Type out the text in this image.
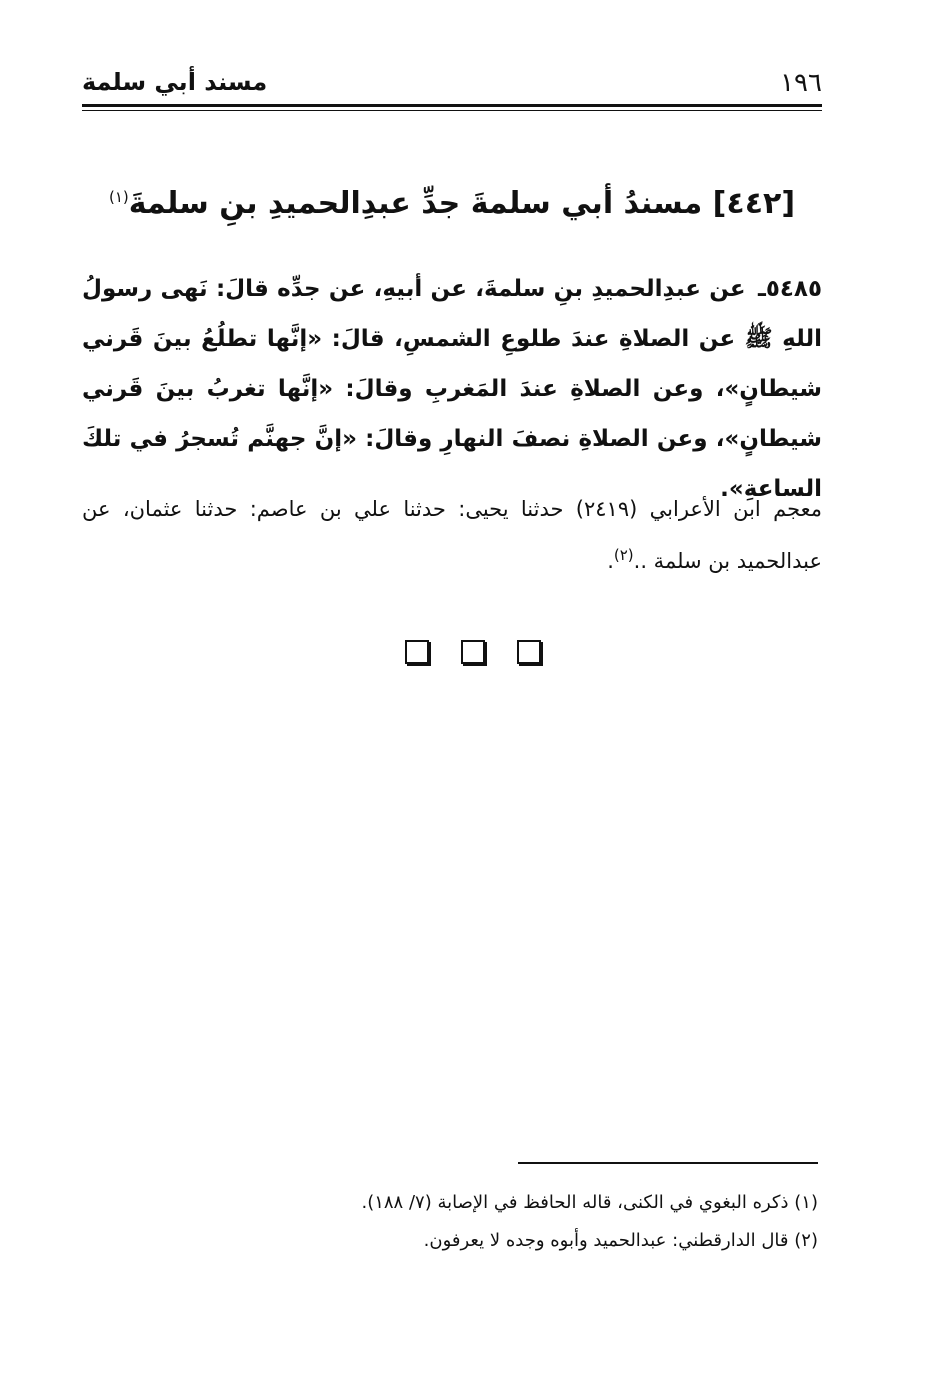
١٩٦
مسند أبي سلمة
[٤٤٢] مسندُ أبي سلمةَ جدِّ عبدِالحميدِ بنِ سلمةَ$^{(١)}$
٥٤٨٥ـ عن عبدِالحميدِ بنِ سلمةَ، عن أبيهِ، عن جدِّه قالَ: نَهى رسولُ اللهِ ﷺ عن الصلاةِ عندَ طلوعِ الشمسِ، قالَ: «إنَّها تطلُعُ بينَ قَرني شيطانٍ»، وعن الصلاةِ عندَ المَغربِ وقالَ: «إنَّها تغربُ بينَ قَرني شيطانٍ»، وعن الصلاةِ نصفَ النهارِ وقالَ: «إنَّ جهنَّم تُسجرُ في تلكَ الساعةِ».
معجم ابن الأعرابي (٢٤١٩) حدثنا يحيى: حدثنا علي بن عاصم: حدثنا عثمان، عن عبدالحميد بن سلمة ..$^{(٢)}$.

(١) ذكره البغوي في الكنى، قاله الحافظ في الإصابة (٧/ ١٨٨).
(٢) قال الدارقطني: عبدالحميد وأبوه وجده لا يعرفون.
